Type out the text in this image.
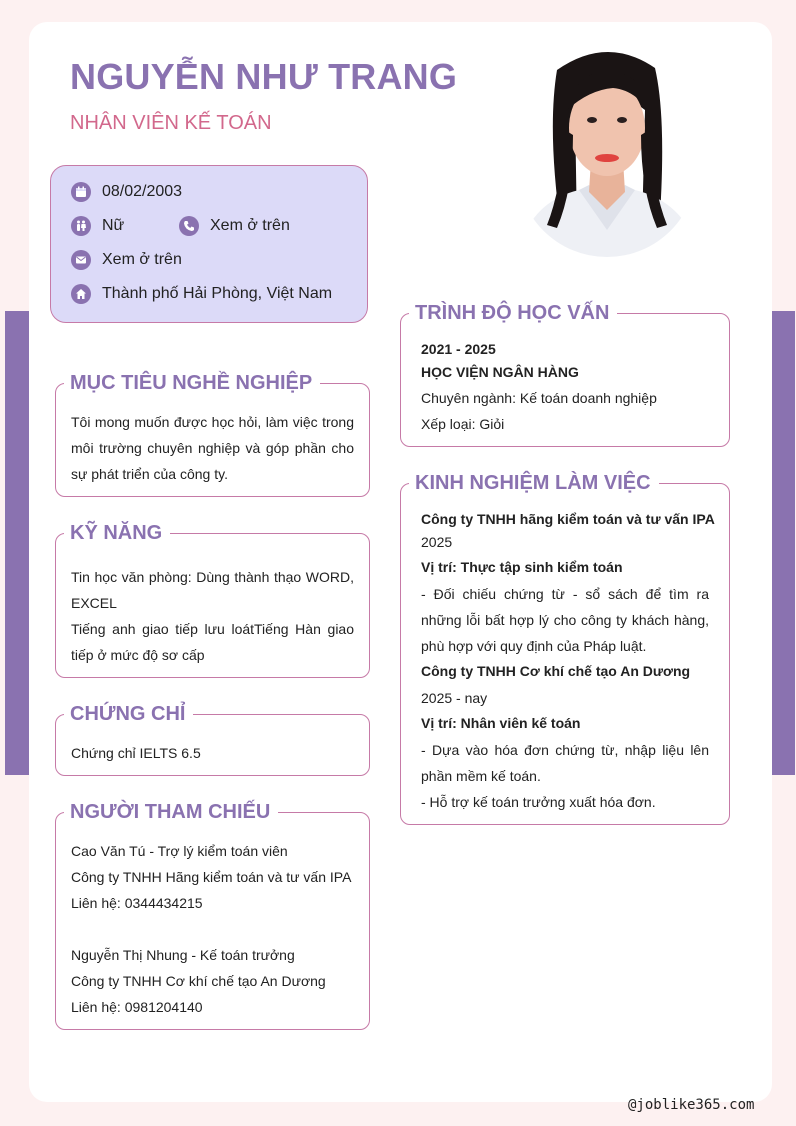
NGUYỄN NHƯ TRANG
NHÂN VIÊN KẾ TOÁN
08/02/2003
Nữ	Xem ở trên
Xem ở trên
Thành phố Hải Phòng, Việt Nam
MỤC TIÊU NGHỀ NGHIỆP
Tôi mong muốn được học hỏi, làm việc trong môi trường chuyên nghiệp và góp phần cho sự phát triển của công ty.
KỸ NĂNG
Tin học văn phòng: Dùng thành thạo WORD, EXCEL
Tiếng anh giao tiếp lưu loátTiếng Hàn giao tiếp ở mức độ sơ cấp
CHỨNG CHỈ
Chứng chỉ IELTS 6.5
NGƯỜI THAM CHIẾU
Cao Văn Tú - Trợ lý kiểm toán viên
Công ty TNHH Hãng kiểm toán và tư vấn IPA
Liên hệ: 0344434215
Nguyễn Thị Nhung - Kế toán trưởng
Công ty TNHH Cơ khí chế tạo An Dương
Liên hệ: 0981204140
TRÌNH ĐỘ HỌC VẤN
2021 - 2025
HỌC VIỆN NGÂN HÀNG
Chuyên ngành: Kế toán doanh nghiệp
Xếp loại: Giỏi
KINH NGHIỆM LÀM VIỆC
Công ty TNHH hãng kiểm toán và tư vấn IPA
2025
Vị trí: Thực tập sinh kiểm toán
- Đối chiếu chứng từ - sổ sách để tìm ra những lỗi bất hợp lý cho công ty khách hàng, phù hợp với quy định của Pháp luật.
Công ty TNHH Cơ khí chế tạo An Dương
2025 - nay
Vị trí: Nhân viên kế toán
- Dựa vào hóa đơn chứng từ, nhập liệu lên phần mềm kế toán.
- Hỗ trợ kế toán trưởng xuất hóa đơn.
@joblike365.com
